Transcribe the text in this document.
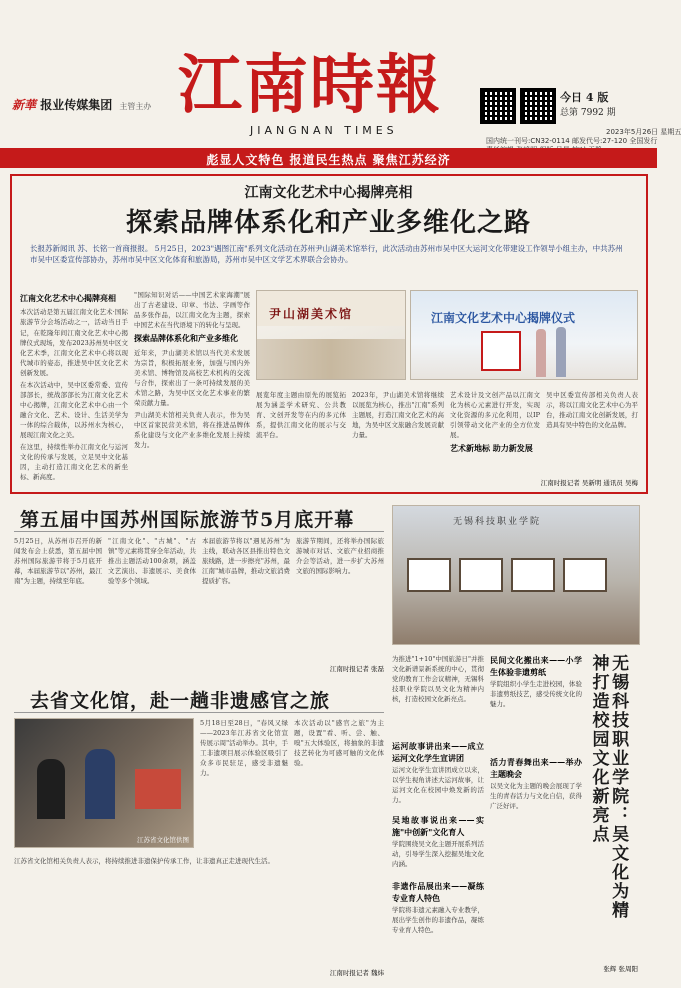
新華 报业传媒集团 主管主办 江南時報
JIANGNAN TIMES
今日 4 版
总第 7992 期
2023年5月26日 星期五
国内统一刊号:CN32-0114 邮发代号:27-120 全国发行
彪显人文特色 报道民生热点 聚焦江苏经济
江南文化艺术中心揭牌亮相
探索品牌体系化和产业多维化之路
长报苏新闻讯 苏、长铭一首商报报。 5月25日，2023"遇图江南"系列文化活动在苏州尹山湖美术馆举行，此次活动由苏州市吴中区大运河文化带建设工作领导小组主办，中共苏州市吴中区委宣传部协办，苏州市吴中区文化体育和旅游局，苏州市吴中区文学艺术界联合会协办。
江南文化艺术中心揭牌亮相
本次活动是第五届江南文化艺术·国际旅游节分会场活动之一，活动当日手记，在乾隆年间江南文化艺术中心揭牌仪式现场，发布2023苏州吴中区文化艺术季，江南文化艺术中心将以现代城市的姿态，推进吴中区文化艺术创新发展。
在本次活动中，吴中区委常委、宣传部部长，统战部部长为江南文化艺术中心揭牌，江南文化艺术中心由一个融合文化、艺术、设计、生活美学为一体的综合载体，以苏州水为核心，展现江南文化之美。
在这里，持续性举办江南文化与运河文化的传承与发展，立足吴中文化基因，主动打造江南文化艺术的新坐标、新高度。
"国际知识对话——中国艺术家海潮"展出了古老建设、印章、书法、字画等作品多张作品，以江南文化为主题，探索中国艺术在当代语境下的转化与呈现。
探索品牌体系化和产业多维化
近年来，尹山湖美术馆以当代美术发展为宗旨，积极拓展业务，加强与国内外美术馆、博物馆及高校艺术机构的交流与合作，探索出了一条可持续发展的美术馆之路，为吴中区文化艺术事业的繁荣贡献力量。
尹山湖美术馆相关负责人表示，作为吴中区首家民营美术馆，将在推进品牌体系化建设与文化产业多维化发展上持续发力。
尹山湖美术馆	江南文化艺术中心揭牌仪式
展览年度主题由原先的展览拓展为涵盖学术研究、公共教育、文创开发等在内的多元体系，提供江南文化的展示与交流平台。
2023年，尹山湖美术馆将继续以展览为核心，推出"江南"系列主题展，打造江南文化艺术的高地，为吴中区文旅融合发展贡献力量。
艺术设计及文创产品以江南文化为核心元素进行开发，实现文化资源的多元化利用，以IP引领带动文化产业的全方位发展。
艺术新地标 助力新发展
吴中区委宣传部相关负责人表示，将以江南文化艺术中心为平台，推动江南文化创新发展，打造具有吴中特色的文化品牌。
江南时报记者 吴新明 通讯员 吴梅
第五届中国苏州国际旅游节5月底开幕
5月25日，从苏州市召开的新闻发布会上获悉，第五届中国苏州国际旅游节将于5月底开幕，本届旅游节以"苏州，最江南"为主题，持续至年底。
"江南文化"、"古城"、"古镇"等元素将贯穿全年活动，共推出主题活动100余项，涵盖文艺演出、非遗展示、美食体验等多个领域。
本届旅游节将以"遇见苏州"为主线，联动各区县推出特色文旅线路，进一步擦亮"苏州，最江南"城市品牌，推动文旅消费提质扩容。
旅游节期间，还将举办国际旅游城市对话、文旅产业招商推介会等活动，进一步扩大苏州文旅的国际影响力。
江南时报记者 张磊
去省文化馆，赴一趟非遗感官之旅
江苏省文化馆供图
5月18日至28日，"春风又绿——2023年江苏省文化馆宣传展示周"活动举办。其中，手工非遗项目展示体验区吸引了众多市民驻足，感受非遗魅力。
本次活动以"感官之旅"为主题，设置"看、听、尝、触、嗅"五大体验区，将抽象的非遗技艺转化为可感可触的文化体验。
江苏省文化馆相关负责人表示，将持续推进非遗保护传承工作，让非遗真正走进现代生活。
江南时报记者 魏炜
无锡科技职业学院
无锡科技职业学院：吴文化为精神打造校园文化新亮点
为推进"1+10"中国旅游日"并推文化新谱景新系统的中心，贯彻党的教育工作会议精神，无锡科技职业学院以吴文化为精神内核，打造校园文化新亮点。
运河故事讲出来——成立运河文化学生宣讲团
运河文化学生宣讲团成立以来，以学生视角讲述大运河故事，让运河文化在校园中焕发新的活力。
吴地故事说出来——实施"中创新"文化育人
学院围绕吴文化主题开展系列活动，引导学生深入挖掘吴地文化内涵。
非遗作品展出来——凝练专业育人特色
学院将非遗元素融入专业教学，展出学生创作的非遗作品，凝练专业育人特色。
民间文化搬出来——小学生体验非遗剪纸
学院组织小学生走进校园，体验非遗剪纸技艺，感受传统文化的魅力。
活力青春舞出来——举办主题晚会
以吴文化为主题的晚会展现了学生的青春活力与文化自信，获得广泛好评。
张辉 张周阳
